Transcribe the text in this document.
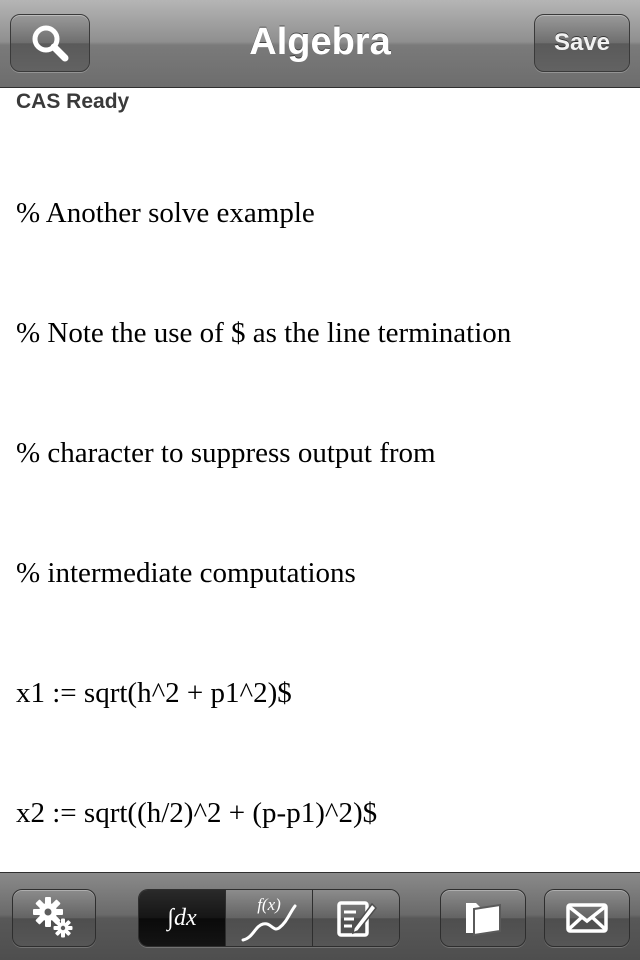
Algebra	Save
CAS Ready

% Another solve example

% Note the use of $ as the line termination

% character to suppress output from

% intermediate computations

x1 := sqrt(h^2 + p1^2)$

x2 := sqrt((h/2)^2 + (p-p1)^2)$

∫dx	f(x)
